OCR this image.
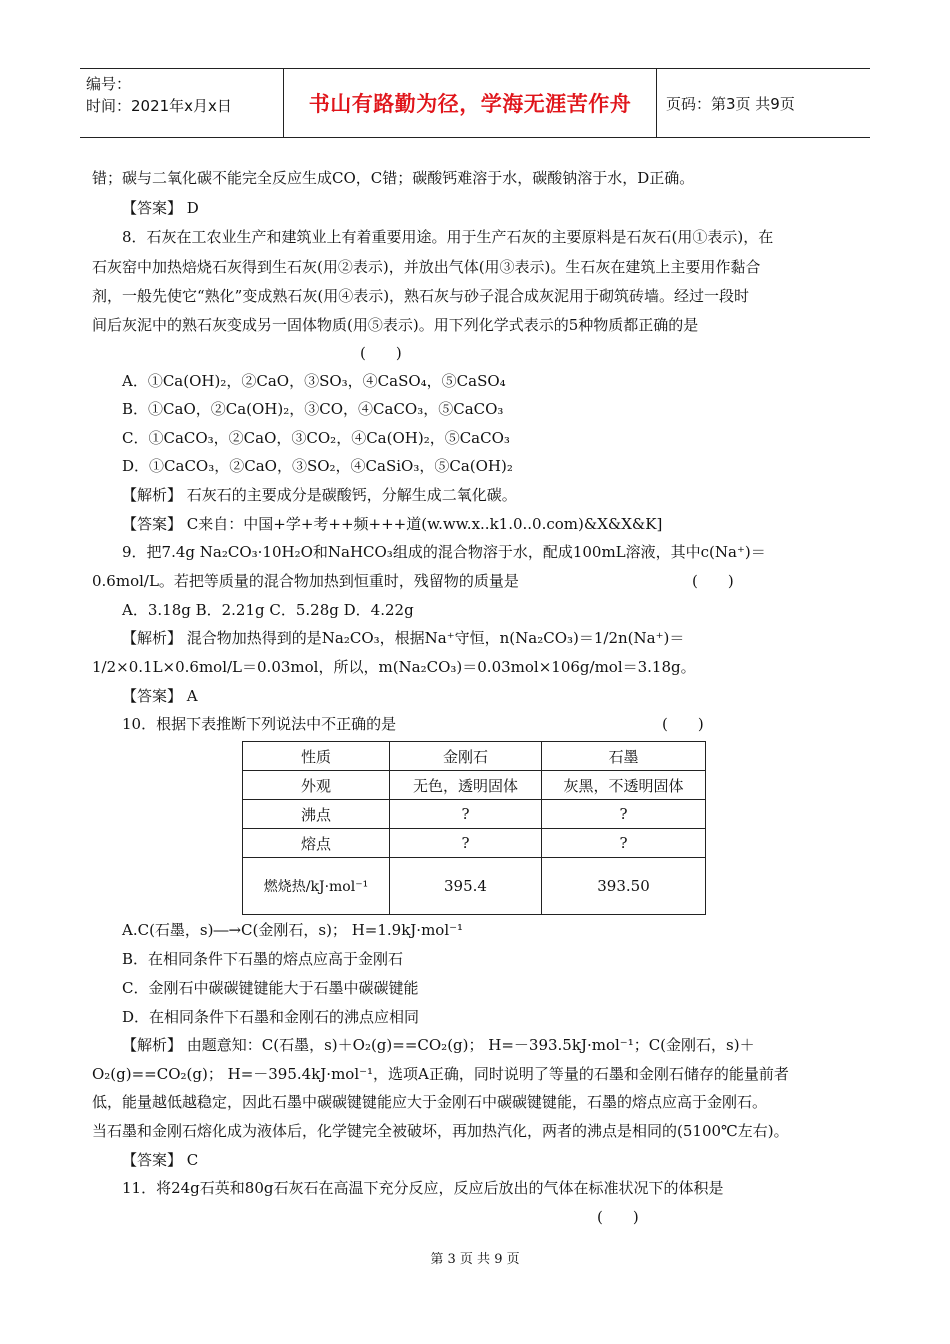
编号：
时间：2021年x月x日	书山有路勤为径，学海无涯苦作舟	页码：第3页 共9页
错；碳与二氧化碳不能完全反应生成CO，C错；碳酸钙难溶于水，碳酸钠溶于水，D正确。
【答案】 D
8．石灰在工农业生产和建筑业上有着重要用途。用于生产石灰的主要原料是石灰石(用①表示)，在
石灰窑中加热焙烧石灰得到生石灰(用②表示)，并放出气体(用③表示)。生石灰在建筑上主要用作黏合
剂，一般先使它“熟化”变成熟石灰(用④表示)，熟石灰与砂子混合成灰泥用于砌筑砖墙。经过一段时
间后灰泥中的熟石灰变成另一固体物质(用⑤表示)。用下列化学式表示的5种物质都正确的是
(　　)
A．①Ca(OH)₂，②CaO，③SO₃，④CaSO₄，⑤CaSO₄
B．①CaO，②Ca(OH)₂，③CO，④CaCO₃，⑤CaCO₃
C．①CaCO₃，②CaO，③CO₂，④Ca(OH)₂，⑤CaCO₃
D．①CaCO₃，②CaO，③SO₂，④CaSiO₃，⑤Ca(OH)₂
【解析】 石灰石的主要成分是碳酸钙，分解生成二氧化碳。
【答案】 C来自：中国+学+考++频+++道(w.ww.x..k1.0..0.com)&X&X&K]
9．把7.4g Na₂CO₃·10H₂O和NaHCO₃组成的混合物溶于水，配成100mL溶液，其中c(Na⁺)＝
0.6mol/L。若把等质量的混合物加热到恒重时，残留物的质量是	(　　)
A．3.18g B．2.21g C．5.28g D．4.22g
【解析】 混合物加热得到的是Na₂CO₃，根据Na⁺守恒，n(Na₂CO₃)＝1/2n(Na⁺)＝
1/2×0.1L×0.6mol/L＝0.03mol，所以，m(Na₂CO₃)＝0.03mol×106g/mol＝3.18g。
【答案】 A
10．根据下表推断下列说法中不正确的是	(　　)
性质	金刚石	石墨
外观	无色，透明固体	灰黑，不透明固体
沸点	?	?
熔点	?	?
燃烧热/kJ·mol⁻¹	395.4	393.50
A.C(石墨，s)―→C(金刚石，s)； H=1.9kJ·mol⁻¹
B．在相同条件下石墨的熔点应高于金刚石
C．金刚石中碳碳键键能大于石墨中碳碳键能
D．在相同条件下石墨和金刚石的沸点应相同
【解析】 由题意知：C(石墨，s)＋O₂(g)==CO₂(g)； H=－393.5kJ·mol⁻¹；C(金刚石，s)＋
O₂(g)==CO₂(g)； H=－395.4kJ·mol⁻¹，选项A正确，同时说明了等量的石墨和金刚石储存的能量前者
低，能量越低越稳定，因此石墨中碳碳键键能应大于金刚石中碳碳键键能，石墨的熔点应高于金刚石。
当石墨和金刚石熔化成为液体后，化学键完全被破坏，再加热汽化，两者的沸点是相同的(5100℃左右)。
【答案】 C
11．将24g石英和80g石灰石在高温下充分反应，反应后放出的气体在标准状况下的体积是
(　　)
第 3 页 共 9 页
